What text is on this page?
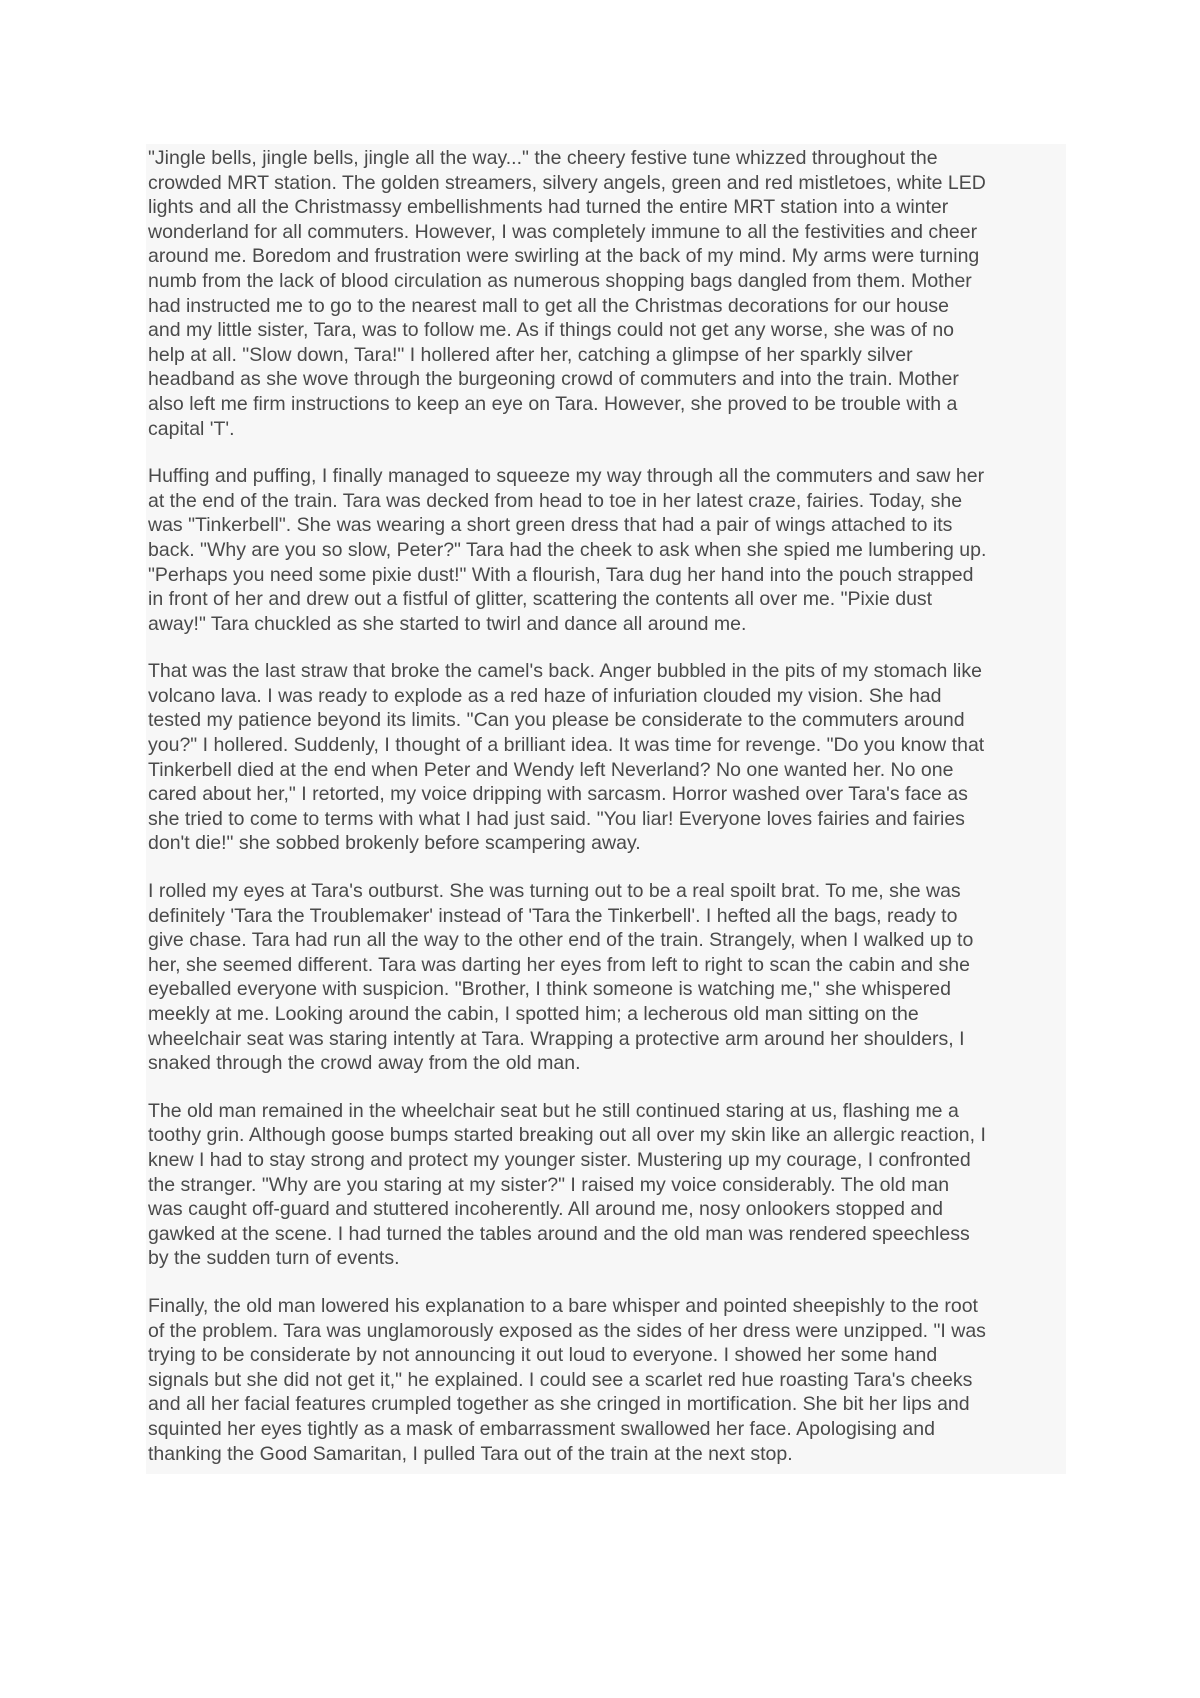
"Jingle bells, jingle bells, jingle all the way..." the cheery festive tune whizzed throughout the
crowded MRT station. The golden streamers, silvery angels, green and red mistletoes, white LED
lights and all the Christmassy embellishments had turned the entire MRT station into a winter
wonderland for all commuters. However, I was completely immune to all the festivities and cheer
around me. Boredom and frustration were swirling at the back of my mind. My arms were turning
numb from the lack of blood circulation as numerous shopping bags dangled from them. Mother
had instructed me to go to the nearest mall to get all the Christmas decorations for our house
and my little sister, Tara, was to follow me. As if things could not get any worse, she was of no
help at all. "Slow down, Tara!" I hollered after her, catching a glimpse of her sparkly silver
headband as she wove through the burgeoning crowd of commuters and into the train. Mother
also left me firm instructions to keep an eye on Tara. However, she proved to be trouble with a
capital 'T'.

Huffing and puffing, I finally managed to squeeze my way through all the commuters and saw her
at the end of the train. Tara was decked from head to toe in her latest craze, fairies. Today, she
was "Tinkerbell". She was wearing a short green dress that had a pair of wings attached to its
back. "Why are you so slow, Peter?" Tara had the cheek to ask when she spied me lumbering up.
"Perhaps you need some pixie dust!" With a flourish, Tara dug her hand into the pouch strapped
in front of her and drew out a fistful of glitter, scattering the contents all over me. "Pixie dust
away!" Tara chuckled as she started to twirl and dance all around me.

That was the last straw that broke the camel's back. Anger bubbled in the pits of my stomach like
volcano lava. I was ready to explode as a red haze of infuriation clouded my vision. She had
tested my patience beyond its limits. "Can you please be considerate to the commuters around
you?" I hollered. Suddenly, I thought of a brilliant idea. It was time for revenge. "Do you know that
Tinkerbell died at the end when Peter and Wendy left Neverland? No one wanted her. No one
cared about her," I retorted, my voice dripping with sarcasm. Horror washed over Tara's face as
she tried to come to terms with what I had just said. "You liar! Everyone loves fairies and fairies
don't die!" she sobbed brokenly before scampering away.

I rolled my eyes at Tara's outburst. She was turning out to be a real spoilt brat. To me, she was
definitely 'Tara the Troublemaker' instead of 'Tara the Tinkerbell'. I hefted all the bags, ready to
give chase. Tara had run all the way to the other end of the train. Strangely, when I walked up to
her, she seemed different. Tara was darting her eyes from left to right to scan the cabin and she
eyeballed everyone with suspicion. "Brother, I think someone is watching me," she whispered
meekly at me. Looking around the cabin, I spotted him; a lecherous old man sitting on the
wheelchair seat was staring intently at Tara. Wrapping a protective arm around her shoulders, I
snaked through the crowd away from the old man.

The old man remained in the wheelchair seat but he still continued staring at us, flashing me a
toothy grin. Although goose bumps started breaking out all over my skin like an allergic reaction, I
knew I had to stay strong and protect my younger sister. Mustering up my courage, I confronted
the stranger. "Why are you staring at my sister?" I raised my voice considerably. The old man
was caught off-guard and stuttered incoherently. All around me, nosy onlookers stopped and
gawked at the scene. I had turned the tables around and the old man was rendered speechless
by the sudden turn of events.

Finally, the old man lowered his explanation to a bare whisper and pointed sheepishly to the root
of the problem. Tara was unglamorously exposed as the sides of her dress were unzipped. "I was
trying to be considerate by not announcing it out loud to everyone. I showed her some hand
signals but she did not get it," he explained. I could see a scarlet red hue roasting Tara's cheeks
and all her facial features crumpled together as she cringed in mortification. She bit her lips and
squinted her eyes tightly as a mask of embarrassment swallowed her face. Apologising and
thanking the Good Samaritan, I pulled Tara out of the train at the next stop.
